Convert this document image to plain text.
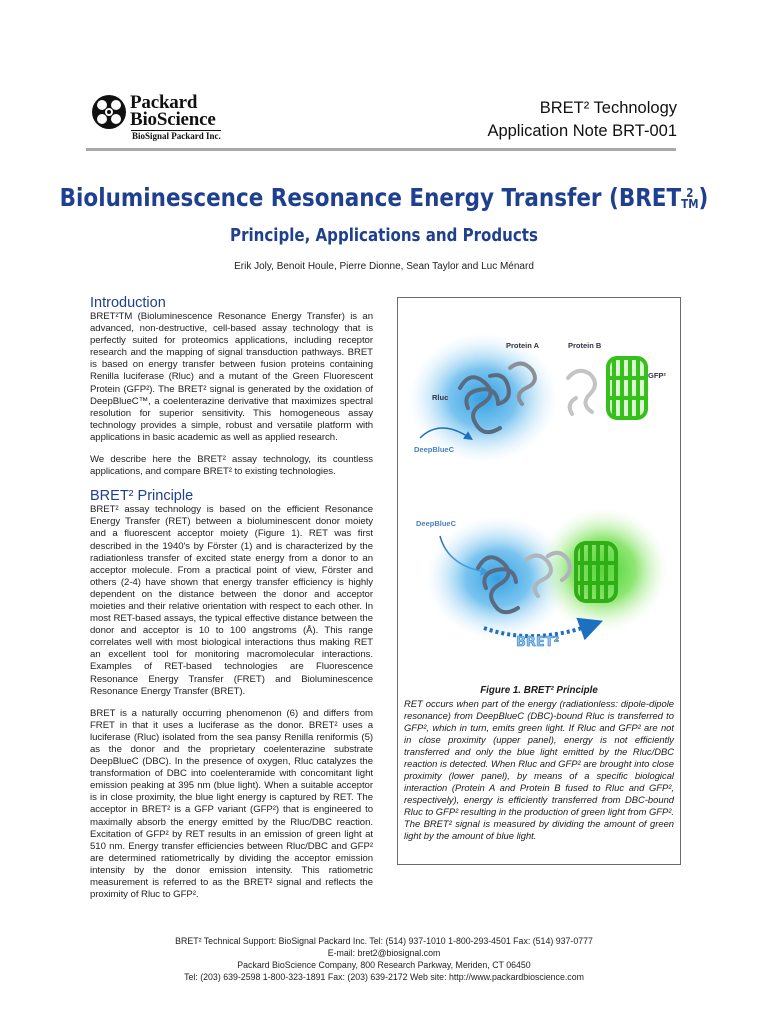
Packard
BioScience
BioSignal Packard Inc.
BRET² Technology
Application Note BRT-001
Bioluminescence Resonance Energy Transfer (BRET 2
TM)
Principle, Applications and Products
Erik Joly, Benoit Houle, Pierre Dionne, Sean Taylor and Luc Ménard
Introduction

BRET²TM (Bioluminescence Resonance Energy Transfer) is an advanced, non-destructive, cell-based assay technology that is perfectly suited for proteomics applications, including receptor research and the mapping of signal transduction pathways. BRET is based on energy transfer between fusion proteins containing Renilla luciferase (Rluc) and a mutant of the Green Fluorescent Protein (GFP²). The BRET² signal is generated by the oxidation of DeepBlueC™, a coelenterazine derivative that maximizes spectral resolution for superior sensitivity. This homogeneous assay technology provides a simple, robust and versatile platform with applications in basic academic as well as applied research.

We describe here the BRET² assay technology, its countless applications, and compare BRET² to existing technologies.

BRET² Principle

BRET² assay technology is based on the efficient Resonance Energy Transfer (RET) between a bioluminescent donor moiety and a fluorescent acceptor moiety (Figure 1). RET was first described in the 1940's by Förster (1) and is characterized by the radiationless transfer of excited state energy from a donor to an acceptor molecule. From a practical point of view, Förster and others (2-4) have shown that energy transfer efficiency is highly dependent on the distance between the donor and acceptor moieties and their relative orientation with respect to each other. In most RET-based assays, the typical effective distance between the donor and acceptor is 10 to 100 angstroms (Å). This range correlates well with most biological interactions thus making RET an excellent tool for monitoring macromolecular interactions. Examples of RET-based technologies are Fluorescence Resonance Energy Transfer (FRET) and Bioluminescence Resonance Energy Transfer (BRET).

BRET is a naturally occurring phenomenon (6) and differs from FRET in that it uses a luciferase as the donor. BRET² uses a luciferase (Rluc) isolated from the sea pansy Renilla reniformis (5) as the donor and the proprietary coelenterazine substrate DeepBlueC (DBC). In the presence of oxygen, Rluc catalyzes the transformation of DBC into coelenteramide with concomitant light emission peaking at 395 nm (blue light). When a suitable acceptor is in close proximity, the blue light energy is captured by RET. The acceptor in BRET² is a GFP variant (GFP²) that is engineered to maximally absorb the energy emitted by the Rluc/DBC reaction. Excitation of GFP² by RET results in an emission of green light at 510 nm. Energy transfer efficiencies between Rluc/DBC and GFP² are determined ratiometrically by dividing the acceptor emission intensity by the donor emission intensity. This ratiometric measurement is referred to as the BRET² signal and reflects the proximity of Rluc to GFP².

Protein A	Protein B
GFP²
Rluc
DeepBlueC
DeepBlueC
BRET²
Figure 1. BRET² Principle
RET occurs when part of the energy (radiationless: dipole-dipole resonance) from DeepBlueC (DBC)-bound Rluc is transferred to GFP², which in turn, emits green light. If Rluc and GFP² are not in close proximity (upper panel), energy is not efficiently transferred and only the blue light emitted by the Rluc/DBC reaction is detected. When Rluc and GFP² are brought into close proximity (lower panel), by means of a specific biological interaction (Protein A and Protein B fused to Rluc and GFP², respectively), energy is efficiently transferred from DBC-bound Rluc to GFP² resulting in the production of green light from GFP². The BRET² signal is measured by dividing the amount of green light by the amount of blue light.
BRET² Technical Support: BioSignal Packard Inc. Tel: (514) 937-1010 1-800-293-4501 Fax: (514) 937-0777
E-mail: bret2@biosignal.com
Packard BioScience Company, 800 Research Parkway, Meriden, CT 06450
Tel: (203) 639-2598 1-800-323-1891 Fax: (203) 639-2172 Web site: http://www.packardbioscience.com
